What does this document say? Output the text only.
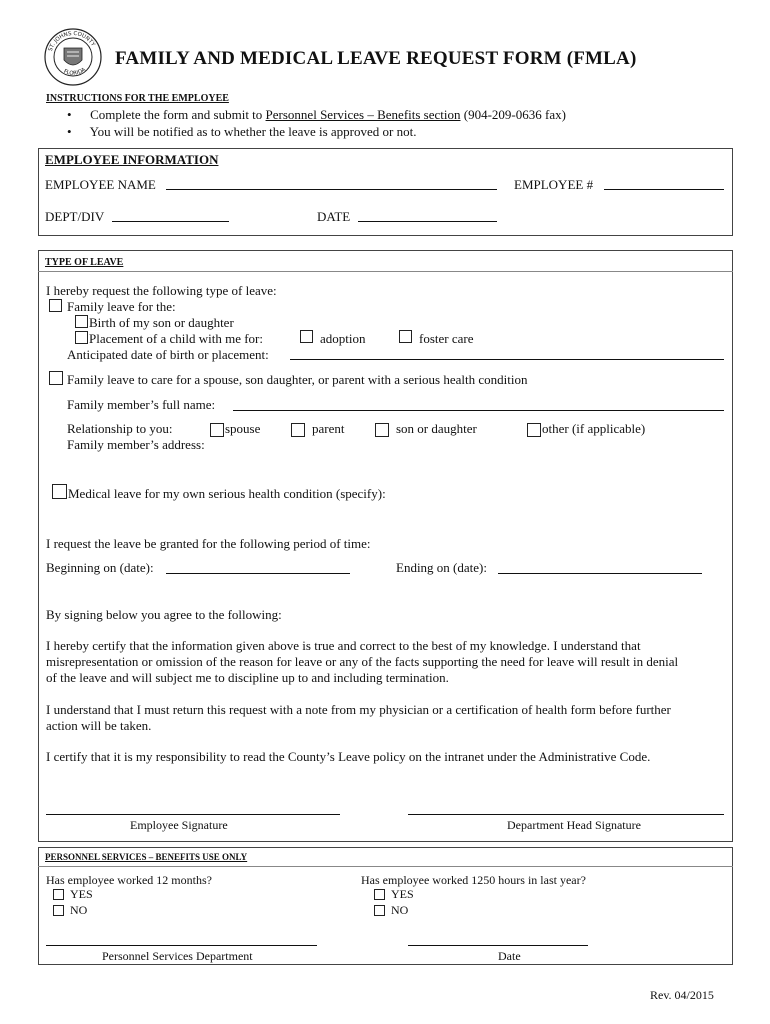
ST. JOHNS COUNTY
FLORIDA
FAMILY AND MEDICAL LEAVE REQUEST FORM (FMLA)
INSTRUCTIONS FOR THE EMPLOYEE
• Complete the form and submit to Personnel Services – Benefits section (904-209-0636 fax)
• You will be notified as to whether the leave is approved or not.
EMPLOYEE INFORMATION
EMPLOYEE NAME	EMPLOYEE #
DEPT/DIV	DATE
TYPE OF LEAVE
I hereby request the following type of leave:
Family leave for the:
Birth of my son or daughter
Placement of a child with me for:	adoption	foster care
Anticipated date of birth or placement:
Family leave to care for a spouse, son daughter, or parent with a serious health condition
Family member’s full name:
Relationship to you:	spouse	parent	son or daughter	other (if applicable)
Family member’s address:
Medical leave for my own serious health condition (specify):
I request the leave be granted for the following period of time:
Beginning on (date):	Ending on (date):
By signing below you agree to the following:
I hereby certify that the information given above is true and correct to the best of my knowledge. I understand that
misrepresentation or omission of the reason for leave or any of the facts supporting the need for leave will result in denial
of the leave and will subject me to discipline up to and including termination.
I understand that I must return this request with a note from my physician or a certification of health form before further
action will be taken.
I certify that it is my responsibility to read the County’s Leave policy on the intranet under the Administrative Code.
Employee Signature	Department Head Signature
PERSONNEL SERVICES – BENEFITS USE ONLY
Has employee worked 12 months?
YES
NO
Has employee worked 1250 hours in last year?
YES
NO
Personnel Services Department	Date
Rev. 04/2015
